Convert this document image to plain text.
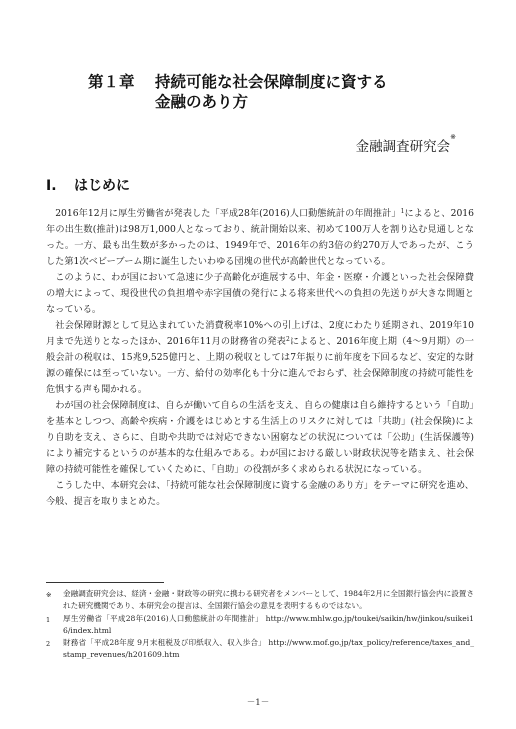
第１章 持続可能な社会保障制度に資する
金融のあり方
金融調査研究会※
Ⅰ. はじめに

2016年12月に厚生労働省が発表した「平成28年(2016)人口動態統計の年間推計」$^1$によると、2016年の出生数(推計)は98万1,000人となっており、統計開始以来、初めて100万人を割り込む見通しとなった。一方、最も出生数が多かったのは、1949年で、2016年の約3倍の約270万人であったが、こうした第1次ベビーブーム期に誕生したいわゆる団塊の世代が高齢世代となっている。

このように、わが国において急速に少子高齢化が進展する中、年金・医療・介護といった社会保障費の増大によって、現役世代の負担増や赤字国債の発行による将来世代への負担の先送りが大きな問題となっている。

社会保障財源として見込まれていた消費税率10%への引上げは、2度にわたり延期され、2019年10月まで先送りとなったほか、2016年11月の財務省の発表$^2$によると、2016年度上期（4～9月期）の一般会計の税収は、15兆9,525億円と、上期の税収としては7年振りに前年度を下回るなど、安定的な財源の確保には至っていない。一方、給付の効率化も十分に進んでおらず、社会保障制度の持続可能性を危惧する声も聞かれる。

わが国の社会保障制度は、自らが働いて自らの生活を支え、自らの健康は自ら維持するという「自助」を基本としつつ、高齢や疾病・介護をはじめとする生活上のリスクに対しては「共助」(社会保険)により自助を支え、さらに、自助や共助では対応できない困窮などの状況については「公助」(生活保護等)により補完するというのが基本的な仕組みである。わが国における厳しい財政状況等を踏まえ、社会保障の持続可能性を確保していくために、「自助」の役割が多く求められる状況になっている。

こうした中、本研究会は、「持続可能な社会保障制度に資する金融のあり方」をテーマに研究を進め、今般、提言を取りまとめた。

※	金融調査研究会は、経済・金融・財政等の研究に携わる研究者をメンバーとして、1984年2月に全国銀行協会内に設置された研究機関であり、本研究会の提言は、全国銀行協会の意見を表明するものではない。
1	厚生労働省「平成28年(2016)人口動態統計の年間推計」 http://www.mhlw.go.jp/toukei/saikin/hw/jinkou/suikei16/index.html
2	財務省「平成28年度 9月末租税及び印紙収入、収入歩合」 http://www.mof.go.jp/tax_policy/reference/taxes_and_stamp_revenues/h201609.htm
－1－
